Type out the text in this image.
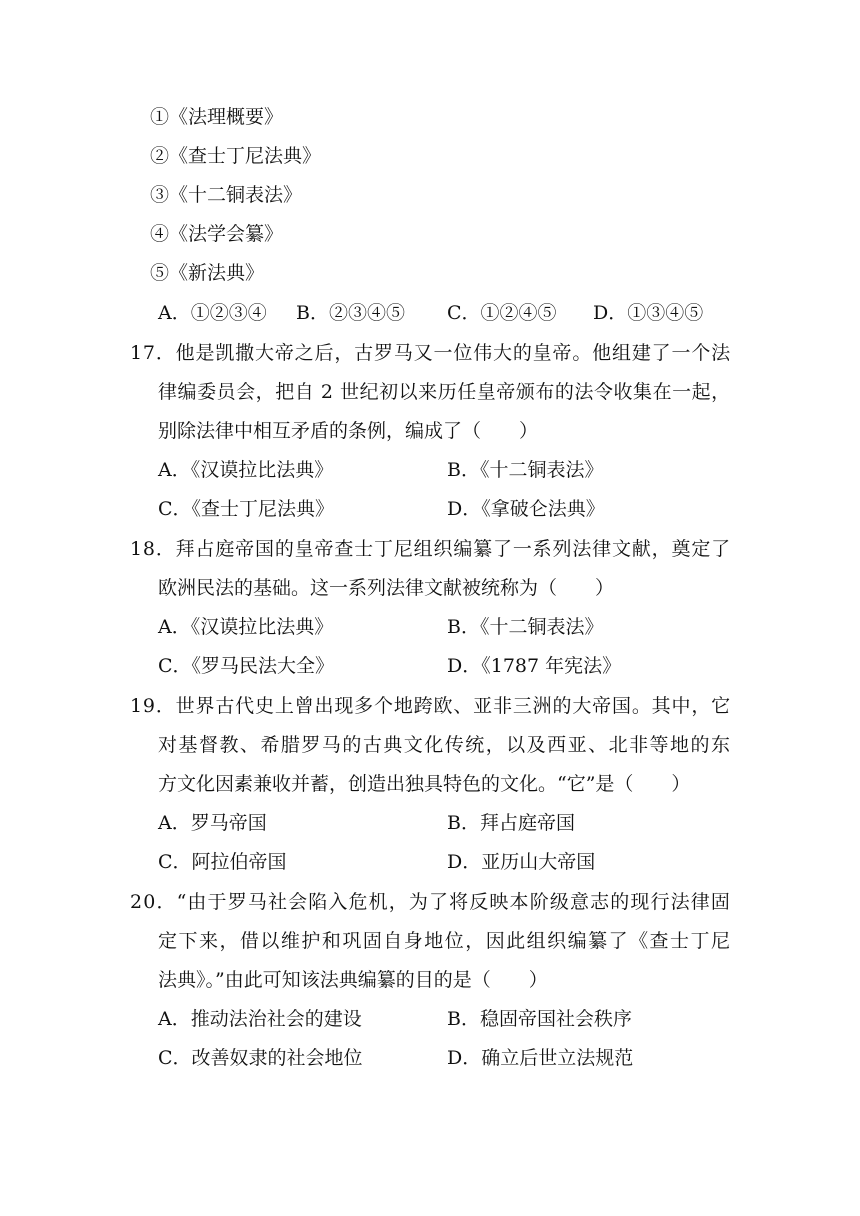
①《法理概要》
②《查士丁尼法典》
③《十二铜表法》
④《法学会纂》
⑤《新法典》
A．①②③④ B．②③④⑤ C．①②④⑤ D．①③④⑤
17．他是凯撒大帝之后，古罗马又一位伟大的皇帝。他组建了一个法
律编委员会，把自 2 世纪初以来历任皇帝颁布的法令收集在一起，
别除法律中相互矛盾的条例，编成了（　　）
A．《汉谟拉比法典》	B．《十二铜表法》
C．《查士丁尼法典》	D．《拿破仑法典》
18．拜占庭帝国的皇帝查士丁尼组织编纂了一系列法律文献，奠定了
欧洲民法的基础。这一系列法律文献被统称为（　　）
A．《汉谟拉比法典》	B．《十二铜表法》
C．《罗马民法大全》	D．《1787 年宪法》
19．世界古代史上曾出现多个地跨欧、亚非三洲的大帝国。其中，它
对基督教、希腊罗马的古典文化传统，以及西亚、北非等地的东
方文化因素兼收并蓄，创造出独具特色的文化。“它”是（　　）
A．罗马帝国	B．拜占庭帝国
C．阿拉伯帝国	D．亚历山大帝国
20．“由于罗马社会陷入危机，为了将反映本阶级意志的现行法律固
定下来，借以维护和巩固自身地位，因此组织编纂了《查士丁尼
法典》。”由此可知该法典编纂的目的是（　　）
A．推动法治社会的建设	B．稳固帝国社会秩序
C．改善奴隶的社会地位	D．确立后世立法规范
